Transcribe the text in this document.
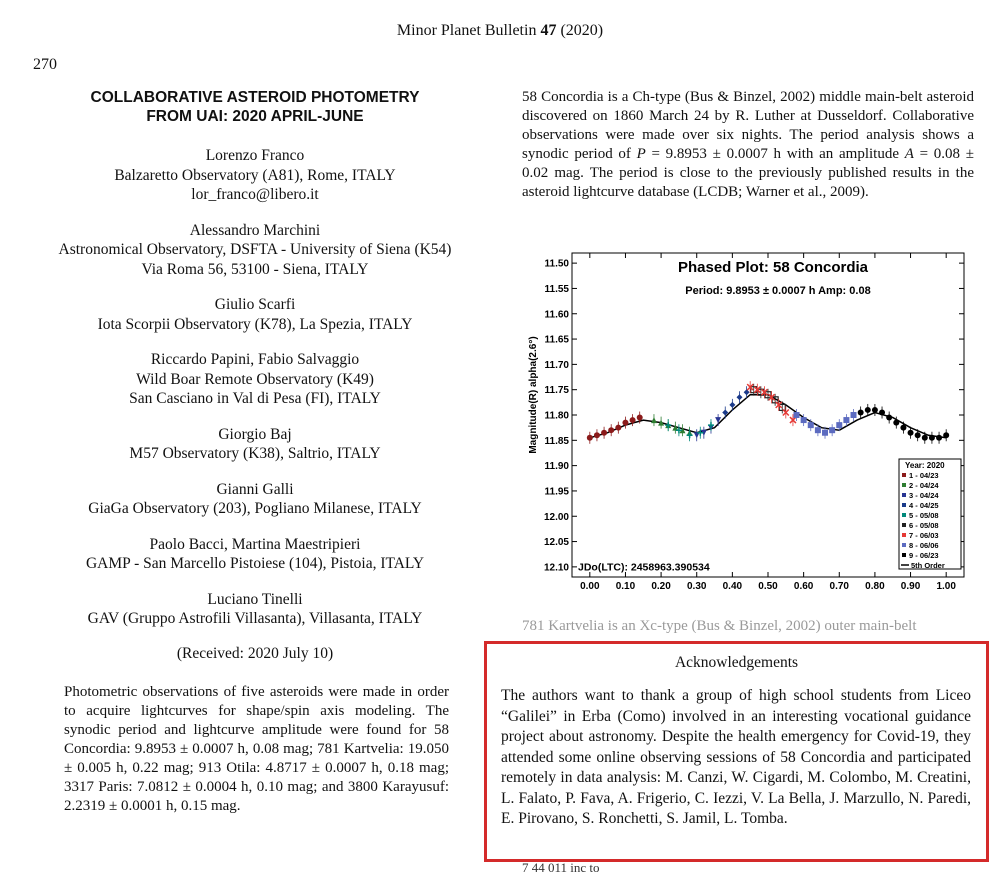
Minor Planet Bulletin 47 (2020)
270
COLLABORATIVE ASTEROID PHOTOMETRY
FROM UAI: 2020 APRIL-JUNE
Lorenzo Franco
Balzaretto Observatory (A81), Rome, ITALY
lor_franco@libero.it
Alessandro Marchini
Astronomical Observatory, DSFTA - University of Siena (K54)
Via Roma 56, 53100 - Siena, ITALY
Giulio Scarfi
Iota Scorpii Observatory (K78), La Spezia, ITALY
Riccardo Papini, Fabio Salvaggio
Wild Boar Remote Observatory (K49)
San Casciano in Val di Pesa (FI), ITALY
Giorgio Baj
M57 Observatory (K38), Saltrio, ITALY
Gianni Galli
GiaGa Observatory (203), Pogliano Milanese, ITALY
Paolo Bacci, Martina Maestripieri
GAMP - San Marcello Pistoiese (104), Pistoia, ITALY
Luciano Tinelli
GAV (Gruppo Astrofili Villasanta), Villasanta, ITALY
(Received: 2020 July 10)
Photometric observations of five asteroids were made in order to acquire lightcurves for shape/spin axis modeling. The synodic period and lightcurve amplitude were found for 58 Concordia: 9.8953 ± 0.0007 h, 0.08 mag; 781 Kartvelia: 19.050 ± 0.005 h, 0.22 mag; 913 Otila: 4.8717 ± 0.0007 h, 0.18 mag; 3317 Paris: 7.0812 ± 0.0004 h, 0.10 mag; and 3800 Karayusuf: 2.2319 ± 0.0001 h, 0.15 mag.
58 Concordia is a Ch-type (Bus & Binzel, 2002) middle main-belt asteroid discovered on 1860 March 24 by R. Luther at Dusseldorf. Collaborative observations were made over six nights. The period analysis shows a synodic period of P = 9.8953 ± 0.0007 h with an amplitude A = 0.08 ± 0.02 mag. The period is close to the previously published results in the asteroid lightcurve database (LCDB; Warner et al., 2009).
Phased Plot: 58 Concordia
Period: 9.8953 ± 0.0007 h Amp: 0.08
11.50
11.55
11.60
11.65
11.70
11.75
11.80
11.85
11.90
11.95
12.00
12.05
12.10
0.00 0.10 0.20 0.30 0.40 0.50 0.60 0.70 0.80 0.90 1.00
Magnitude(R) alpha(2.6°)
JDo(LTC): 2458963.390534
Year: 2020
1 - 04/23
2 - 04/24
3 - 04/24
4 - 04/25
5 - 05/08
6 - 05/08
7 - 06/03
8 - 06/06
9 - 06/23
5th Order
781 Kartvelia is an Xc-type (Bus & Binzel, 2002) outer main-belt
Acknowledgements
The authors want to thank a group of high school students from Liceo “Galilei” in Erba (Como) involved in an interesting vocational guidance project about astronomy. Despite the health emergency for Covid-19, they attended some online observing sessions of 58 Concordia and participated remotely in data analysis: M. Canzi, W. Cigardi, M. Colombo, M. Creatini, L. Falato, P. Fava, A. Frigerio, C. Iezzi, V. La Bella, J. Marzullo, N. Paredi, E. Pirovano, S. Ronchetti, S. Jamil, L. Tomba.
7 44 011 inc to
